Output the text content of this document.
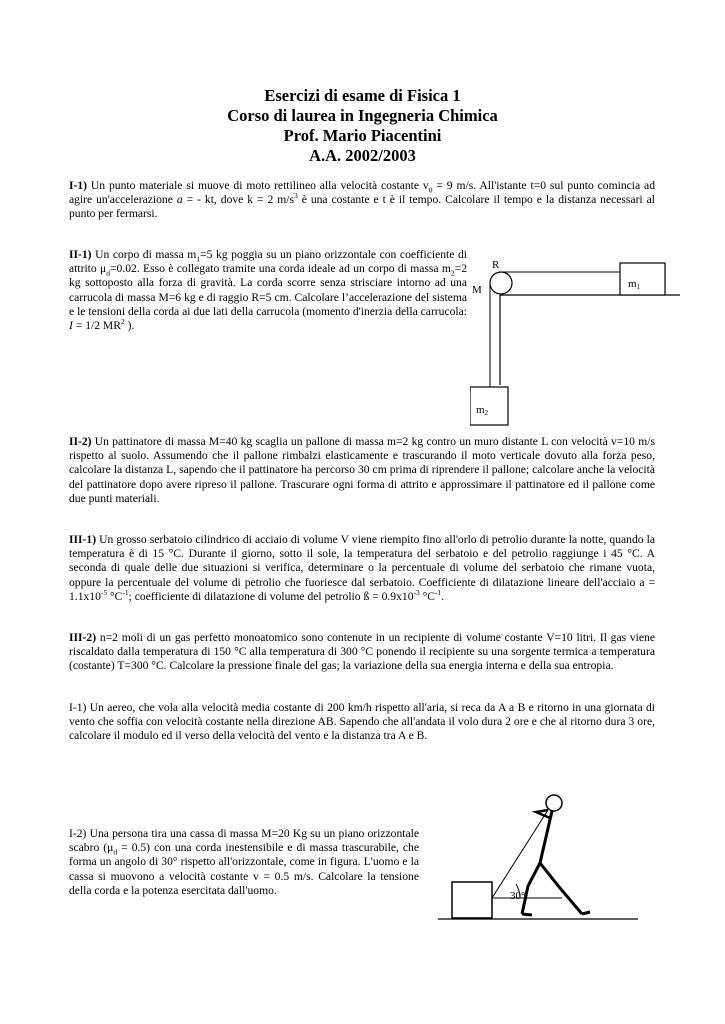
Esercizi di esame di Fisica 1
Corso di laurea in Ingegneria Chimica
Prof. Mario Piacentini
A.A. 2002/2003

I-1) Un punto materiale si muove di moto rettilineo alla velocità costante $v_0 = 9$ m/s. All'istante t=0 sul punto comincia ad agire un'accelerazione a = - kt, dove k = 2 $m/s^3$ è una costante e t è il tempo. Calcolare il tempo e la distanza necessari al punto per fermarsi.

II-1) Un corpo di massa $m_1=5$ kg poggia su un piano orizzontale con coefficiente di attrito $\mu_d=0.02$. Esso è collegato tramite una corda ideale ad un corpo di massa $m_2=2$ kg sottoposto alla forza di gravità. La corda scorre senza strisciare intorno ad una carrucola di massa M=6 kg e di raggio R=5 cm. Calcolare l’accelerazione del sistema e le tensioni della corda ai due lati della carrucola (momento d'inerzia della carrucola: I = 1/2 $MR^2$ ).

R
M	m1
m2

II-2) Un pattinatore di massa M=40 kg scaglia un pallone di massa m=2 kg contro un muro distante L con velocità v=10 m/s rispetto al suolo. Assumendo che il pallone rimbalzi elasticamente e trascurando il moto verticale dovuto alla forza peso, calcolare la distanza L, sapendo che il pattinatore ha percorso 30 cm prima di riprendere il pallone; calcolare anche la velocità del pattinatore dopo avere ripreso il pallone. Trascurare ogni forma di attrito e approssimare il pattinatore ed il pallone come due punti materiali.

III-1) Un grosso serbatoio cilindrico di acciaio di volume V viene riempito fino all'orlo di petrolio durante la notte, quando la temperatura è di 15 °C. Durante il giorno, sotto il sole, la temperatura del serbatoio e del petrolio raggiunge i 45 °C. A seconda di quale delle due situazioni si verifica, determinare o la percentuale di volume del serbatoio che rimane vuota, oppure la percentuale del volume di petrolio che fuoriesce dal serbatoio. Coefficiente di dilatazione lineare dell'acciaio $a = 1.1x10^{-5}$ $^\circ C^{-1}$; coefficiente di dilatazione di volume del petrolio ß = $0.9x10^{-3}$ $^\circ C^{-1}$.

III-2) n=2 moli di un gas perfetto monoatomico sono contenute in un recipiente di volume costante V=10 litri. Il gas viene riscaldato dalla temperatura di 150 °C alla temperatura di 300 °C ponendo il recipiente su una sorgente termica a temperatura (costante) T=300 °C. Calcolare la pressione finale del gas; la variazione della sua energia interna e della sua entropia.

I-1) Un aereo, che vola alla velocità media costante di 200 km/h rispetto all'aria, si reca da A a B e ritorno in una giornata di vento che soffia con velocità costante nella direzione AB. Sapendo che all'andata il volo dura 2 ore e che al ritorno dura 3 ore, calcolare il modulo ed il verso della velocità del vento e la distanza tra A e B.

I-2) Una persona tira una cassa di massa M=20 Kg su un piano orizzontale scabro $(\mu_d = 0.5)$ con una corda inestensibile e di massa trascurabile, che forma un angolo di 30° rispetto all'orizzontale, come in figura. L'uomo e la cassa si muovono a velocità costante v = 0.5 m/s. Calcolare la tensione della corda e la potenza esercitata dall'uomo.	30°
